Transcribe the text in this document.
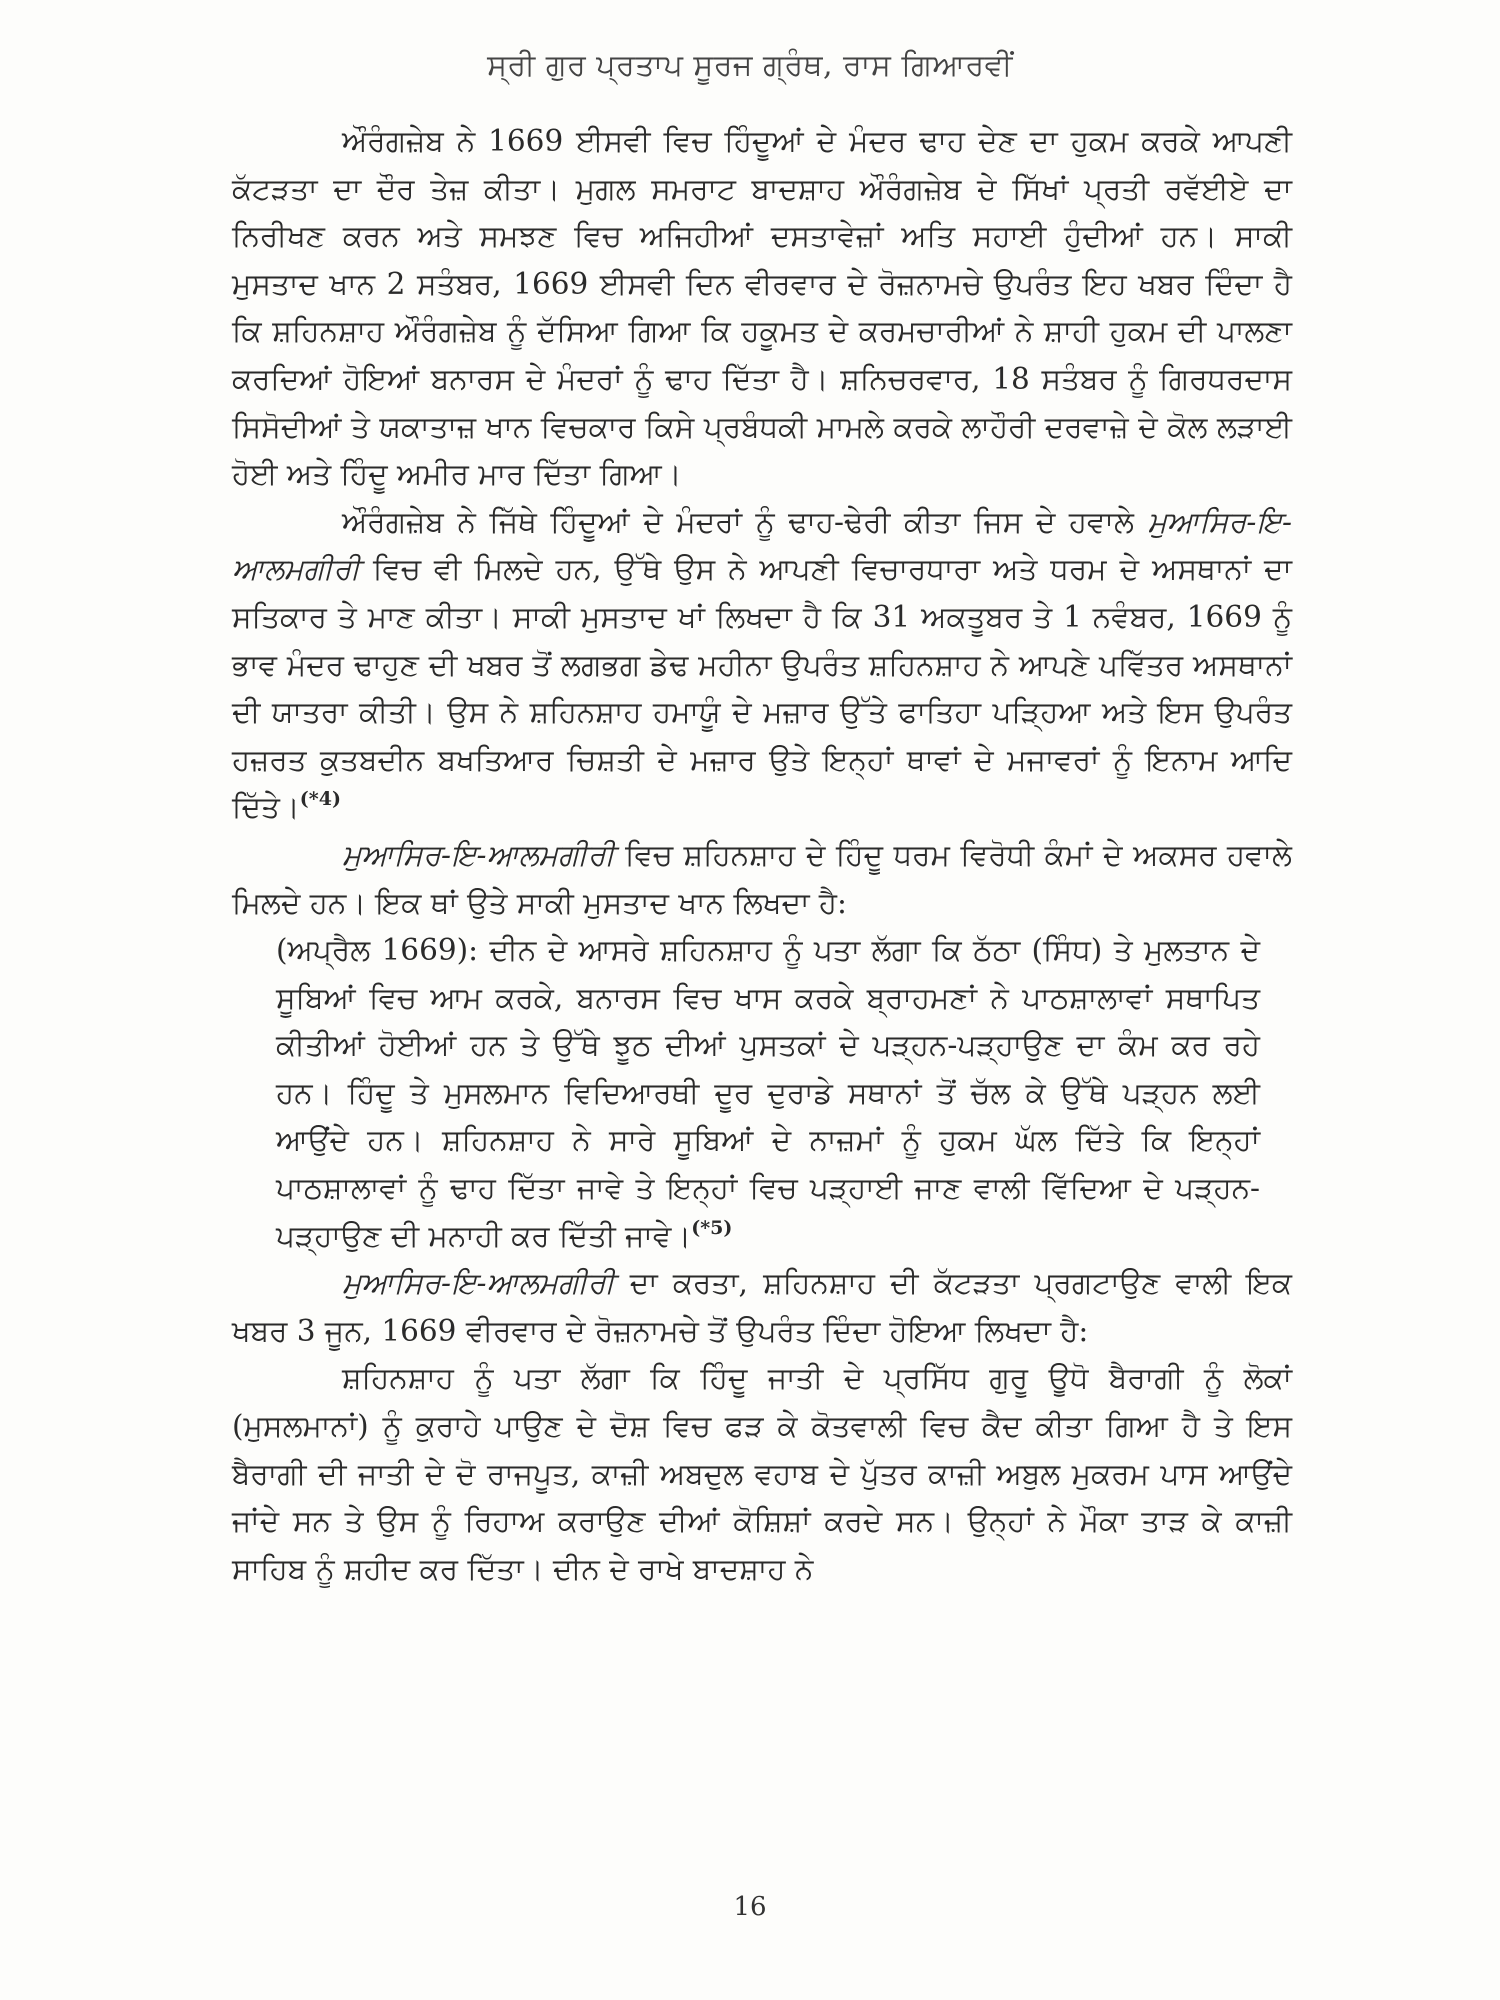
ਸ੍ਰੀ ਗੁਰ ਪ੍ਰਤਾਪ ਸੂਰਜ ਗ੍ਰੰਥ, ਰਾਸ ਗਿਆਰਵੀਂ

ਔਰੰਗਜ਼ੇਬ ਨੇ 1669 ਈਸਵੀ ਵਿਚ ਹਿੰਦੂਆਂ ਦੇ ਮੰਦਰ ਢਾਹ ਦੇਣ ਦਾ ਹੁਕਮ ਕਰਕੇ ਆਪਣੀ ਕੱਟੜਤਾ ਦਾ ਦੌਰ ਤੇਜ਼ ਕੀਤਾ। ਮੁਗਲ ਸਮਰਾਟ ਬਾਦਸ਼ਾਹ ਔਰੰਗਜ਼ੇਬ ਦੇ ਸਿੱਖਾਂ ਪ੍ਰਤੀ ਰਵੱਈਏ ਦਾ ਨਿਰੀਖਣ ਕਰਨ ਅਤੇ ਸਮਝਣ ਵਿਚ ਅਜਿਹੀਆਂ ਦਸਤਾਵੇਜ਼ਾਂ ਅਤਿ ਸਹਾਈ ਹੁੰਦੀਆਂ ਹਨ। ਸਾਕੀ ਮੁਸਤਾਦ ਖਾਨ 2 ਸਤੰਬਰ, 1669 ਈਸਵੀ ਦਿਨ ਵੀਰਵਾਰ ਦੇ ਰੋਜ਼ਨਾਮਚੇ ਉਪਰੰਤ ਇਹ ਖਬਰ ਦਿੰਦਾ ਹੈ ਕਿ ਸ਼ਹਿਨਸ਼ਾਹ ਔਰੰਗਜ਼ੇਬ ਨੂੰ ਦੱਸਿਆ ਗਿਆ ਕਿ ਹਕੂਮਤ ਦੇ ਕਰਮਚਾਰੀਆਂ ਨੇ ਸ਼ਾਹੀ ਹੁਕਮ ਦੀ ਪਾਲਣਾ ਕਰਦਿਆਂ ਹੋਇਆਂ ਬਨਾਰਸ ਦੇ ਮੰਦਰਾਂ ਨੂੰ ਢਾਹ ਦਿੱਤਾ ਹੈ। ਸ਼ਨਿਚਰਵਾਰ, 18 ਸਤੰਬਰ ਨੂੰ ਗਿਰਧਰਦਾਸ ਸਿਸੋਦੀਆਂ ਤੇ ਯਕਾਤਾਜ਼ ਖਾਨ ਵਿਚਕਾਰ ਕਿਸੇ ਪ੍ਰਬੰਧਕੀ ਮਾਮਲੇ ਕਰਕੇ ਲਾਹੌਰੀ ਦਰਵਾਜ਼ੇ ਦੇ ਕੋਲ ਲੜਾਈ ਹੋਈ ਅਤੇ ਹਿੰਦੂ ਅਮੀਰ ਮਾਰ ਦਿੱਤਾ ਗਿਆ।

ਔਰੰਗਜ਼ੇਬ ਨੇ ਜਿੱਥੇ ਹਿੰਦੂਆਂ ਦੇ ਮੰਦਰਾਂ ਨੂੰ ਢਾਹ-ਢੇਰੀ ਕੀਤਾ ਜਿਸ ਦੇ ਹਵਾਲੇ ਮੁਆਸਿਰ-ਇ-ਆਲਮਗੀਰੀ ਵਿਚ ਵੀ ਮਿਲਦੇ ਹਨ, ਉੱਥੇ ਉਸ ਨੇ ਆਪਣੀ ਵਿਚਾਰਧਾਰਾ ਅਤੇ ਧਰਮ ਦੇ ਅਸਥਾਨਾਂ ਦਾ ਸਤਿਕਾਰ ਤੇ ਮਾਣ ਕੀਤਾ। ਸਾਕੀ ਮੁਸਤਾਦ ਖਾਂ ਲਿਖਦਾ ਹੈ ਕਿ 31 ਅਕਤੂਬਰ ਤੇ 1 ਨਵੰਬਰ, 1669 ਨੂੰ ਭਾਵ ਮੰਦਰ ਢਾਹੁਣ ਦੀ ਖਬਰ ਤੋਂ ਲਗਭਗ ਡੇਢ ਮਹੀਨਾ ਉਪਰੰਤ ਸ਼ਹਿਨਸ਼ਾਹ ਨੇ ਆਪਣੇ ਪਵਿੱਤਰ ਅਸਥਾਨਾਂ ਦੀ ਯਾਤਰਾ ਕੀਤੀ। ਉਸ ਨੇ ਸ਼ਹਿਨਸ਼ਾਹ ਹਮਾਯੂੰ ਦੇ ਮਜ਼ਾਰ ਉੱਤੇ ਫਾਤਿਹਾ ਪੜ੍ਹਿਆ ਅਤੇ ਇਸ ਉਪਰੰਤ ਹਜ਼ਰਤ ਕੁਤਬਦੀਨ ਬਖਤਿਆਰ ਚਿਸ਼ਤੀ ਦੇ ਮਜ਼ਾਰ ਉਤੇ ਇਨ੍ਹਾਂ ਥਾਵਾਂ ਦੇ ਮਜਾਵਰਾਂ ਨੂੰ ਇਨਾਮ ਆਦਿ ਦਿੱਤੇ।$^{(*4)}$

ਮੁਆਸਿਰ-ਇ-ਆਲਮਗੀਰੀ ਵਿਚ ਸ਼ਹਿਨਸ਼ਾਹ ਦੇ ਹਿੰਦੂ ਧਰਮ ਵਿਰੋਧੀ ਕੰਮਾਂ ਦੇ ਅਕਸਰ ਹਵਾਲੇ ਮਿਲਦੇ ਹਨ। ਇਕ ਥਾਂ ਉਤੇ ਸਾਕੀ ਮੁਸਤਾਦ ਖਾਨ ਲਿਖਦਾ ਹੈ:

(ਅਪ੍ਰੈਲ 1669): ਦੀਨ ਦੇ ਆਸਰੇ ਸ਼ਹਿਨਸ਼ਾਹ ਨੂੰ ਪਤਾ ਲੱਗਾ ਕਿ ਠੱਠਾ (ਸਿੰਧ) ਤੇ ਮੁਲਤਾਨ ਦੇ ਸੂਬਿਆਂ ਵਿਚ ਆਮ ਕਰਕੇ, ਬਨਾਰਸ ਵਿਚ ਖਾਸ ਕਰਕੇ ਬ੍ਰਾਹਮਣਾਂ ਨੇ ਪਾਠਸ਼ਾਲਾਵਾਂ ਸਥਾਪਿਤ ਕੀਤੀਆਂ ਹੋਈਆਂ ਹਨ ਤੇ ਉੱਥੇ ਝੂਠ ਦੀਆਂ ਪੁਸਤਕਾਂ ਦੇ ਪੜ੍ਹਨ-ਪੜ੍ਹਾਉਣ ਦਾ ਕੰਮ ਕਰ ਰਹੇ ਹਨ। ਹਿੰਦੂ ਤੇ ਮੁਸਲਮਾਨ ਵਿਦਿਆਰਥੀ ਦੂਰ ਦੁਰਾਡੇ ਸਥਾਨਾਂ ਤੋਂ ਚੱਲ ਕੇ ਉੱਥੇ ਪੜ੍ਹਨ ਲਈ ਆਉਂਦੇ ਹਨ। ਸ਼ਹਿਨਸ਼ਾਹ ਨੇ ਸਾਰੇ ਸੂਬਿਆਂ ਦੇ ਨਾਜ਼ਮਾਂ ਨੂੰ ਹੁਕਮ ਘੱਲ ਦਿੱਤੇ ਕਿ ਇਨ੍ਹਾਂ ਪਾਠਸ਼ਾਲਾਵਾਂ ਨੂੰ ਢਾਹ ਦਿੱਤਾ ਜਾਵੇ ਤੇ ਇਨ੍ਹਾਂ ਵਿਚ ਪੜ੍ਹਾਈ ਜਾਣ ਵਾਲੀ ਵਿੱਦਿਆ ਦੇ ਪੜ੍ਹਨ-ਪੜ੍ਹਾਉਣ ਦੀ ਮਨਾਹੀ ਕਰ ਦਿੱਤੀ ਜਾਵੇ।$^{(*5)}$

ਮੁਆਸਿਰ-ਇ-ਆਲਮਗੀਰੀ ਦਾ ਕਰਤਾ, ਸ਼ਹਿਨਸ਼ਾਹ ਦੀ ਕੱਟੜਤਾ ਪ੍ਰਗਟਾਉਣ ਵਾਲੀ ਇਕ ਖਬਰ 3 ਜੂਨ, 1669 ਵੀਰਵਾਰ ਦੇ ਰੋਜ਼ਨਾਮਚੇ ਤੋਂ ਉਪਰੰਤ ਦਿੰਦਾ ਹੋਇਆ ਲਿਖਦਾ ਹੈ:

ਸ਼ਹਿਨਸ਼ਾਹ ਨੂੰ ਪਤਾ ਲੱਗਾ ਕਿ ਹਿੰਦੂ ਜਾਤੀ ਦੇ ਪ੍ਰਸਿੱਧ ਗੁਰੂ ਊਧੋ ਬੈਰਾਗੀ ਨੂੰ ਲੋਕਾਂ (ਮੁਸਲਮਾਨਾਂ) ਨੂੰ ਕੁਰਾਹੇ ਪਾਉਣ ਦੇ ਦੋਸ਼ ਵਿਚ ਫੜ ਕੇ ਕੋਤਵਾਲੀ ਵਿਚ ਕੈਦ ਕੀਤਾ ਗਿਆ ਹੈ ਤੇ ਇਸ ਬੈਰਾਗੀ ਦੀ ਜਾਤੀ ਦੇ ਦੋ ਰਾਜਪੂਤ, ਕਾਜ਼ੀ ਅਬਦੁਲ ਵਹਾਬ ਦੇ ਪੁੱਤਰ ਕਾਜ਼ੀ ਅਬੁਲ ਮੁਕਰਮ ਪਾਸ ਆਉਂਦੇ ਜਾਂਦੇ ਸਨ ਤੇ ਉਸ ਨੂੰ ਰਿਹਾਅ ਕਰਾਉਣ ਦੀਆਂ ਕੋਸ਼ਿਸ਼ਾਂ ਕਰਦੇ ਸਨ। ਉਨ੍ਹਾਂ ਨੇ ਮੌਕਾ ਤਾੜ ਕੇ ਕਾਜ਼ੀ ਸਾਹਿਬ ਨੂੰ ਸ਼ਹੀਦ ਕਰ ਦਿੱਤਾ। ਦੀਨ ਦੇ ਰਾਖੇ ਬਾਦਸ਼ਾਹ ਨੇ

16
